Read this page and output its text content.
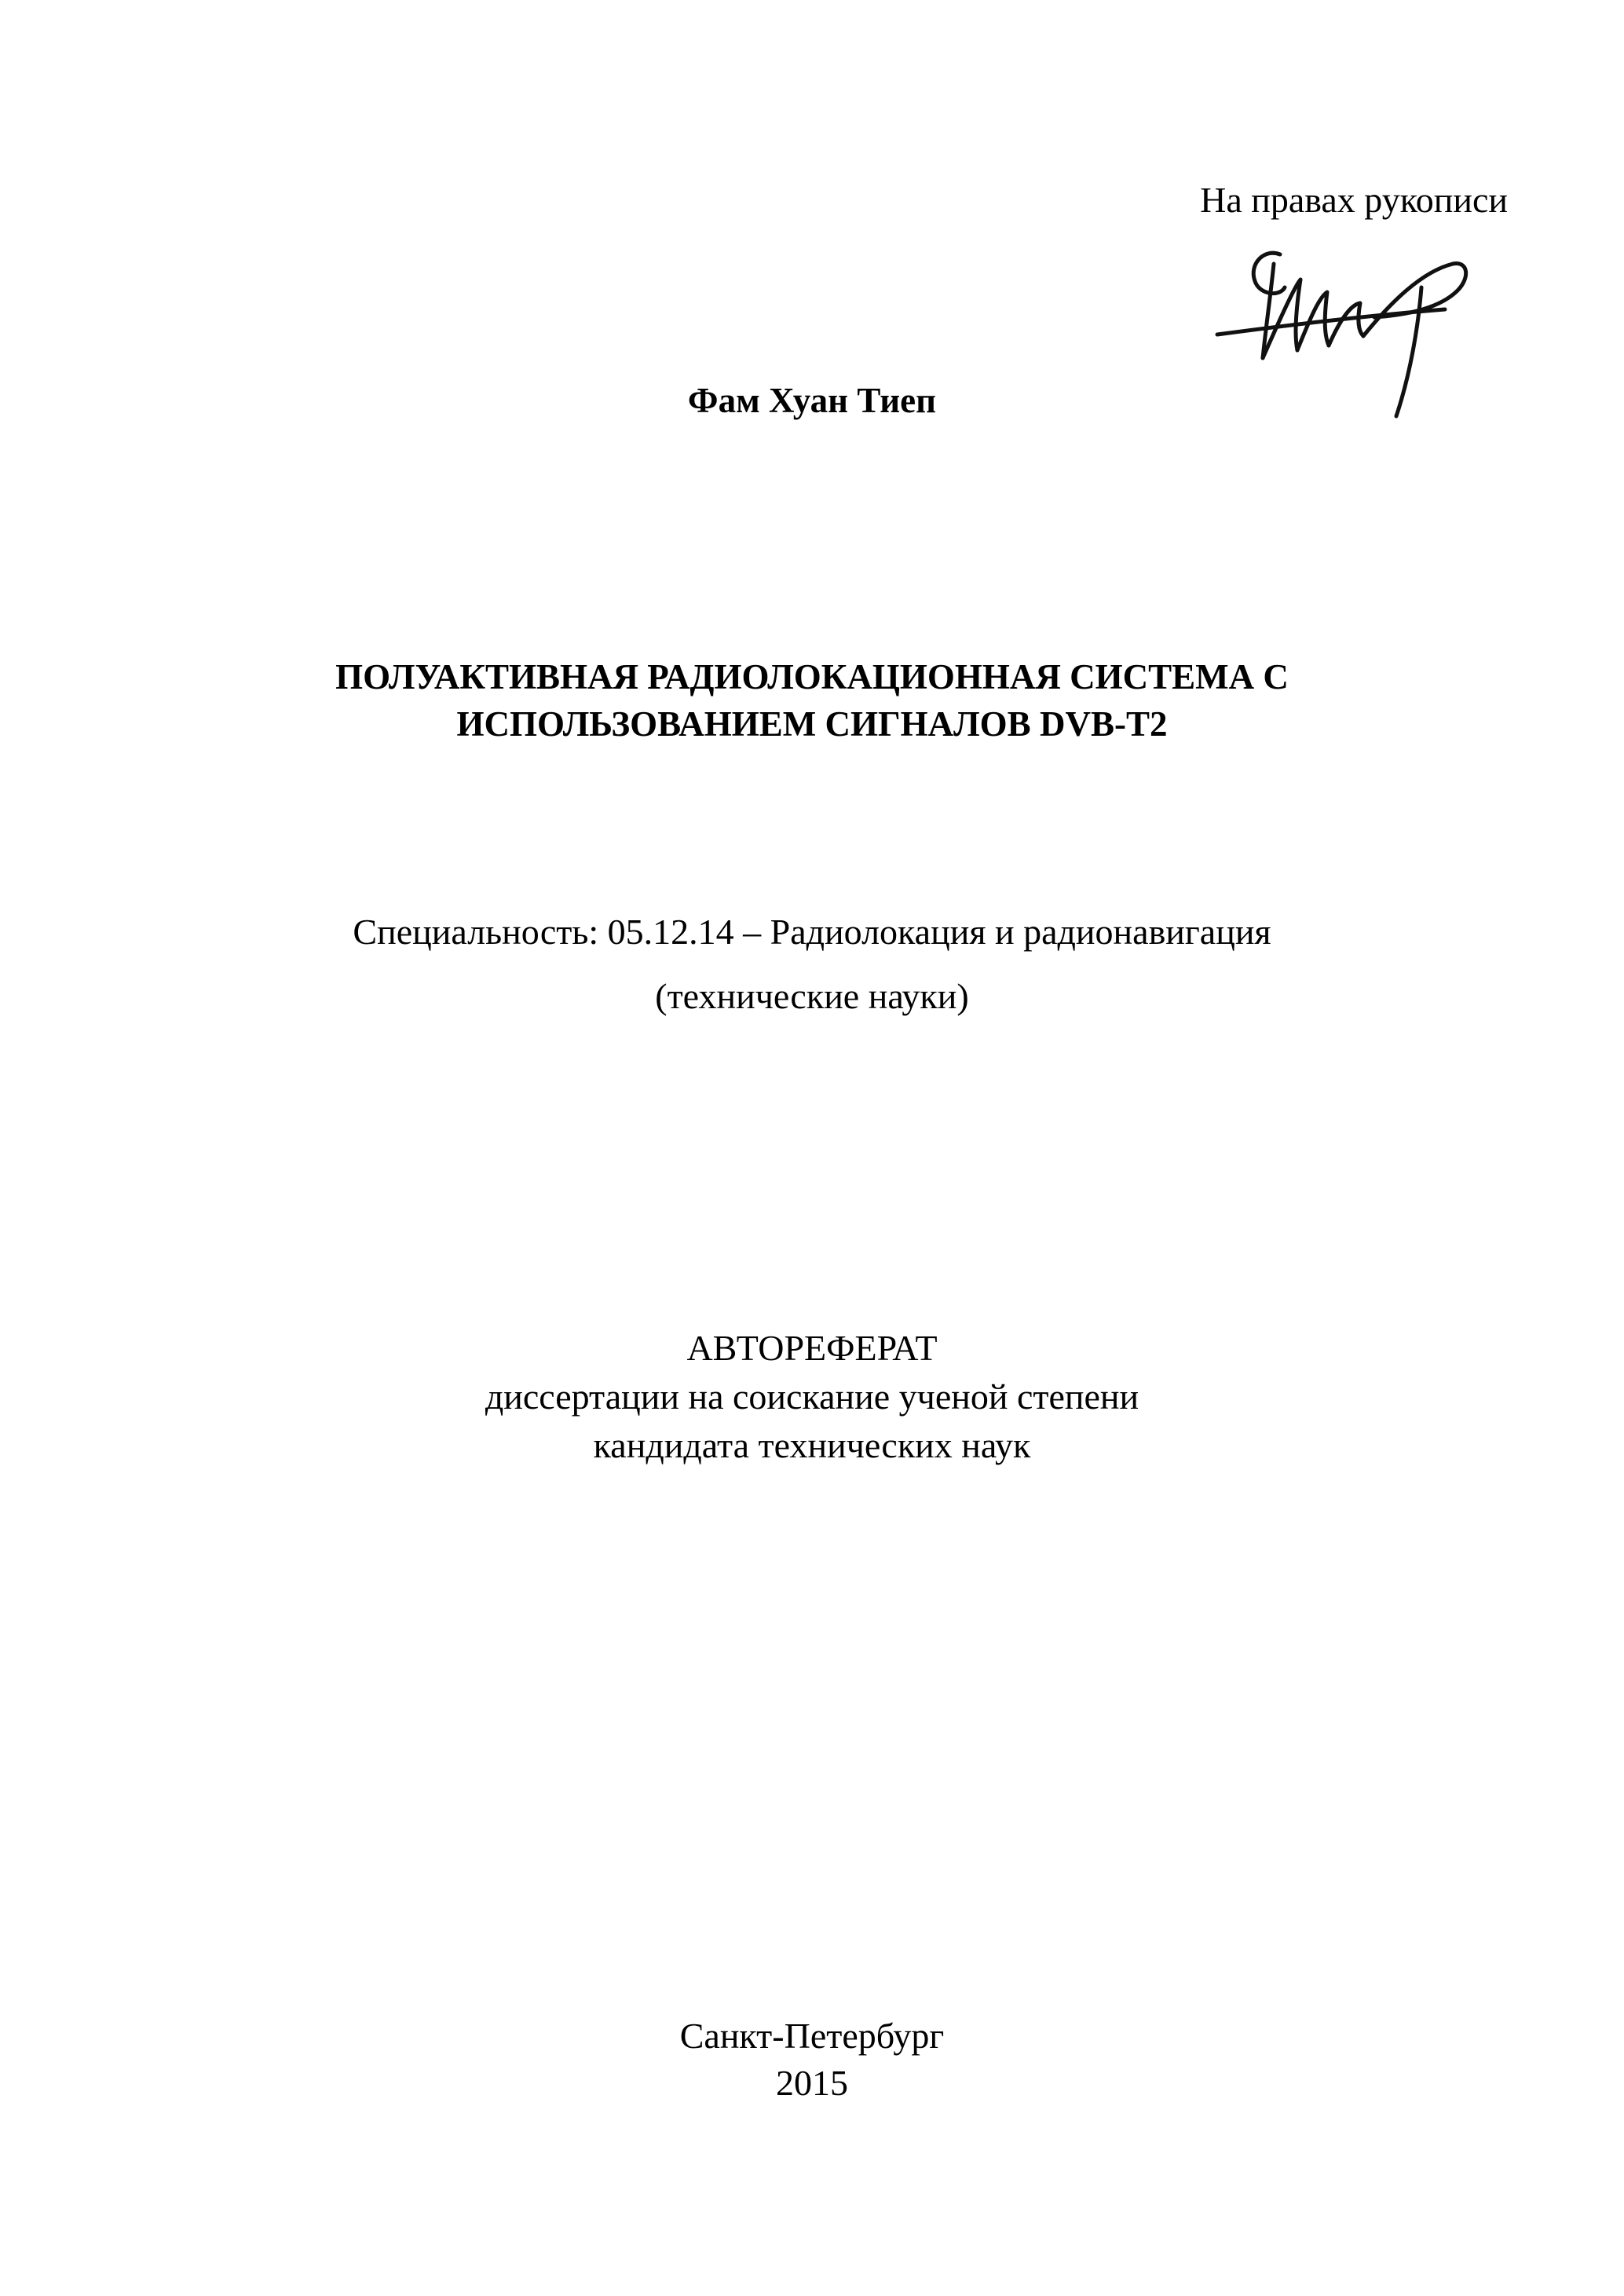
На правах рукописи
Фам Хуан Тиеп
ПОЛУАКТИВНАЯ РАДИОЛОКАЦИОННАЯ СИСТЕМА С
ИСПОЛЬЗОВАНИЕМ СИГНАЛОВ DVB-T2
Специальность: 05.12.14 – Радиолокация и радионавигация
(технические науки)
АВТОРЕФЕРАТ
диссертации на соискание ученой степени
кандидата технических наук
Санкт-Петербург
2015
